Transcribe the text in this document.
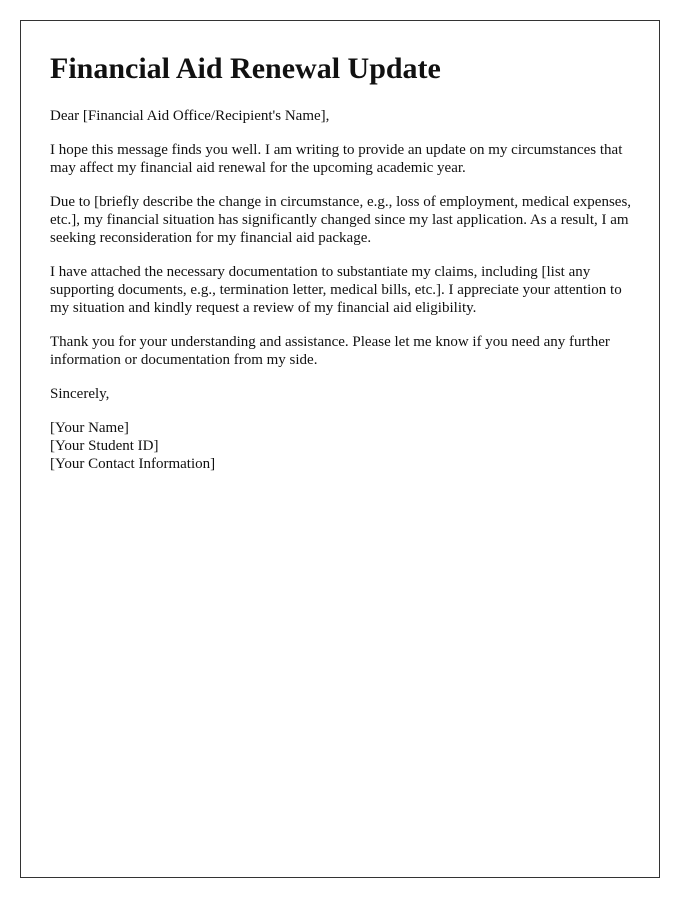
Financial Aid Renewal Update

Dear [Financial Aid Office/Recipient's Name],

I hope this message finds you well. I am writing to provide an update on my circumstances that may affect my financial aid renewal for the upcoming academic year.

Due to [briefly describe the change in circumstance, e.g., loss of employment, medical expenses, etc.], my financial situation has significantly changed since my last application. As a result, I am seeking reconsideration for my financial aid package.

I have attached the necessary documentation to substantiate my claims, including [list any supporting documents, e.g., termination letter, medical bills, etc.]. I appreciate your attention to my situation and kindly request a review of my financial aid eligibility.

Thank you for your understanding and assistance. Please let me know if you need any further information or documentation from my side.

Sincerely,

[Your Name]
[Your Student ID]
[Your Contact Information]
